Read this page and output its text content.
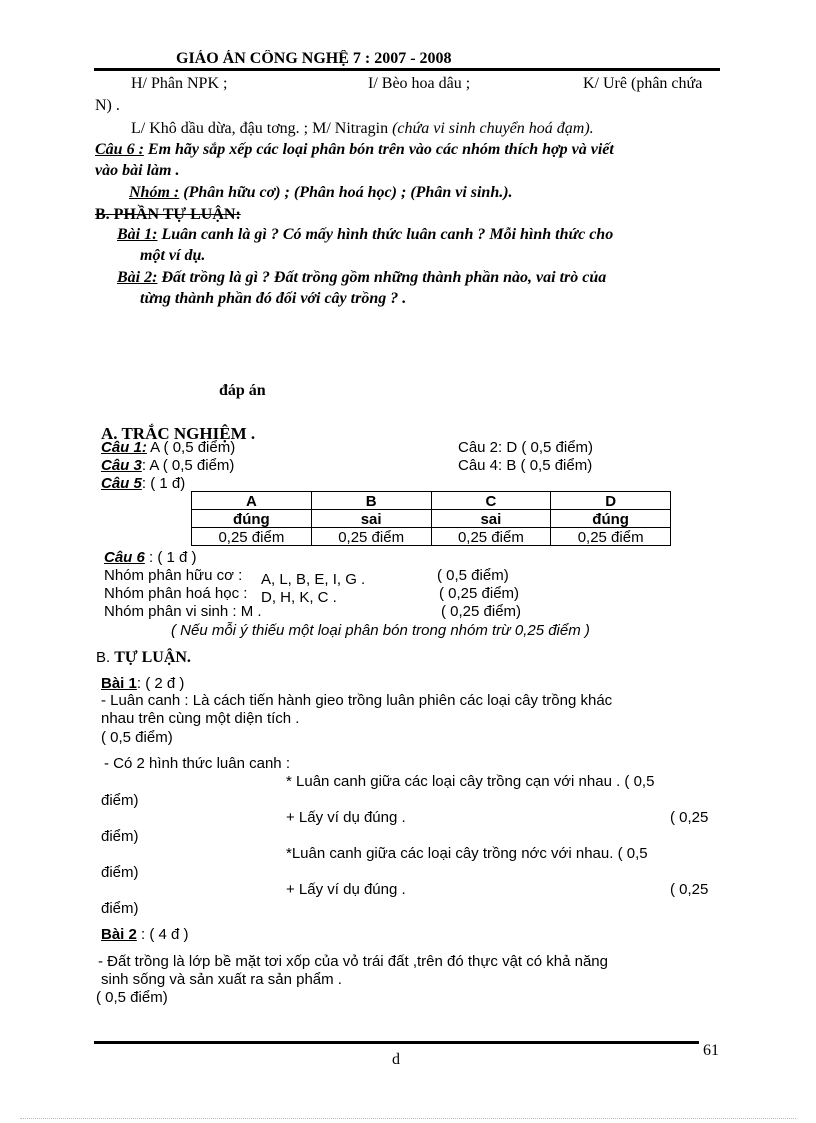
GIÁO ÁN CÔNG NGHỆ 7 : 2007 - 2008
H/ Phân NPK ;	I/ Bèo hoa dâu ;	K/ Urê (phân chứa
N) .
L/ Khô dầu dừa, đậu tơng. ; M/ Nitragin (chứa vi sinh chuyển hoá đạm).
Câu 6 : Em hãy sắp xếp các loại phân bón trên vào các nhóm thích hợp và viết
vào bài làm .
Nhóm : (Phân hữu cơ) ; (Phân hoá học) ; (Phân vi sinh.).
B. PHẦN TỰ LUẬN:
Bài 1: Luân canh là gì ? Có mấy hình thức luân canh ? Mỗi hình thức cho
một ví dụ.
Bài 2: Đất trồng là gì ? Đất trồng gồm những thành phần nào, vai trò của
từng thành phần đó đối với cây trồng ? .
đáp án
A. TRẮC NGHIỆM .
Câu 1: A ( 0,5 điểm)	Câu 2: D ( 0,5 điểm)
Câu 3: A ( 0,5 điểm)	Câu 4: B ( 0,5 điểm)
Câu 5: ( 1 đ)
A	B	C	D
đúng	sai	sai	đúng
0,25 điểm	0,25 điểm	0,25 điểm	0,25 điểm
Câu 6 : ( 1 đ )
Nhóm phân hữu cơ : A, L, B, E, I, G .	( 0,5 điểm)
Nhóm phân hoá học : D, H, K, C .	( 0,25 điểm)
Nhóm phân vi sinh : M .	( 0,25 điểm)
( Nếu mỗi ý thiếu một loại phân bón trong nhóm trừ 0,25 điểm )
B. TỰ LUẬN.
Bài 1: ( 2 đ )
- Luân canh : Là cách tiến hành gieo trồng luân phiên các loại cây trồng khác
nhau trên cùng một diện tích .
( 0,5 điểm)
- Có 2 hình thức luân canh :
* Luân canh giữa các loại cây trồng cạn với nhau . ( 0,5
điểm)
+ Lấy ví dụ đúng .	( 0,25
điểm)
*Luân canh giữa các loại cây trồng nớc với nhau. ( 0,5
điểm)
+ Lấy ví dụ đúng .	( 0,25
điểm)
Bài 2 : ( 4 đ )
- Đất trồng là lớp bề mặt tơi xốp của vỏ trái đất ,trên đó thực vật có khả năng
sinh sống và sản xuất ra sản phẩm .
( 0,5 điểm)
d
61
